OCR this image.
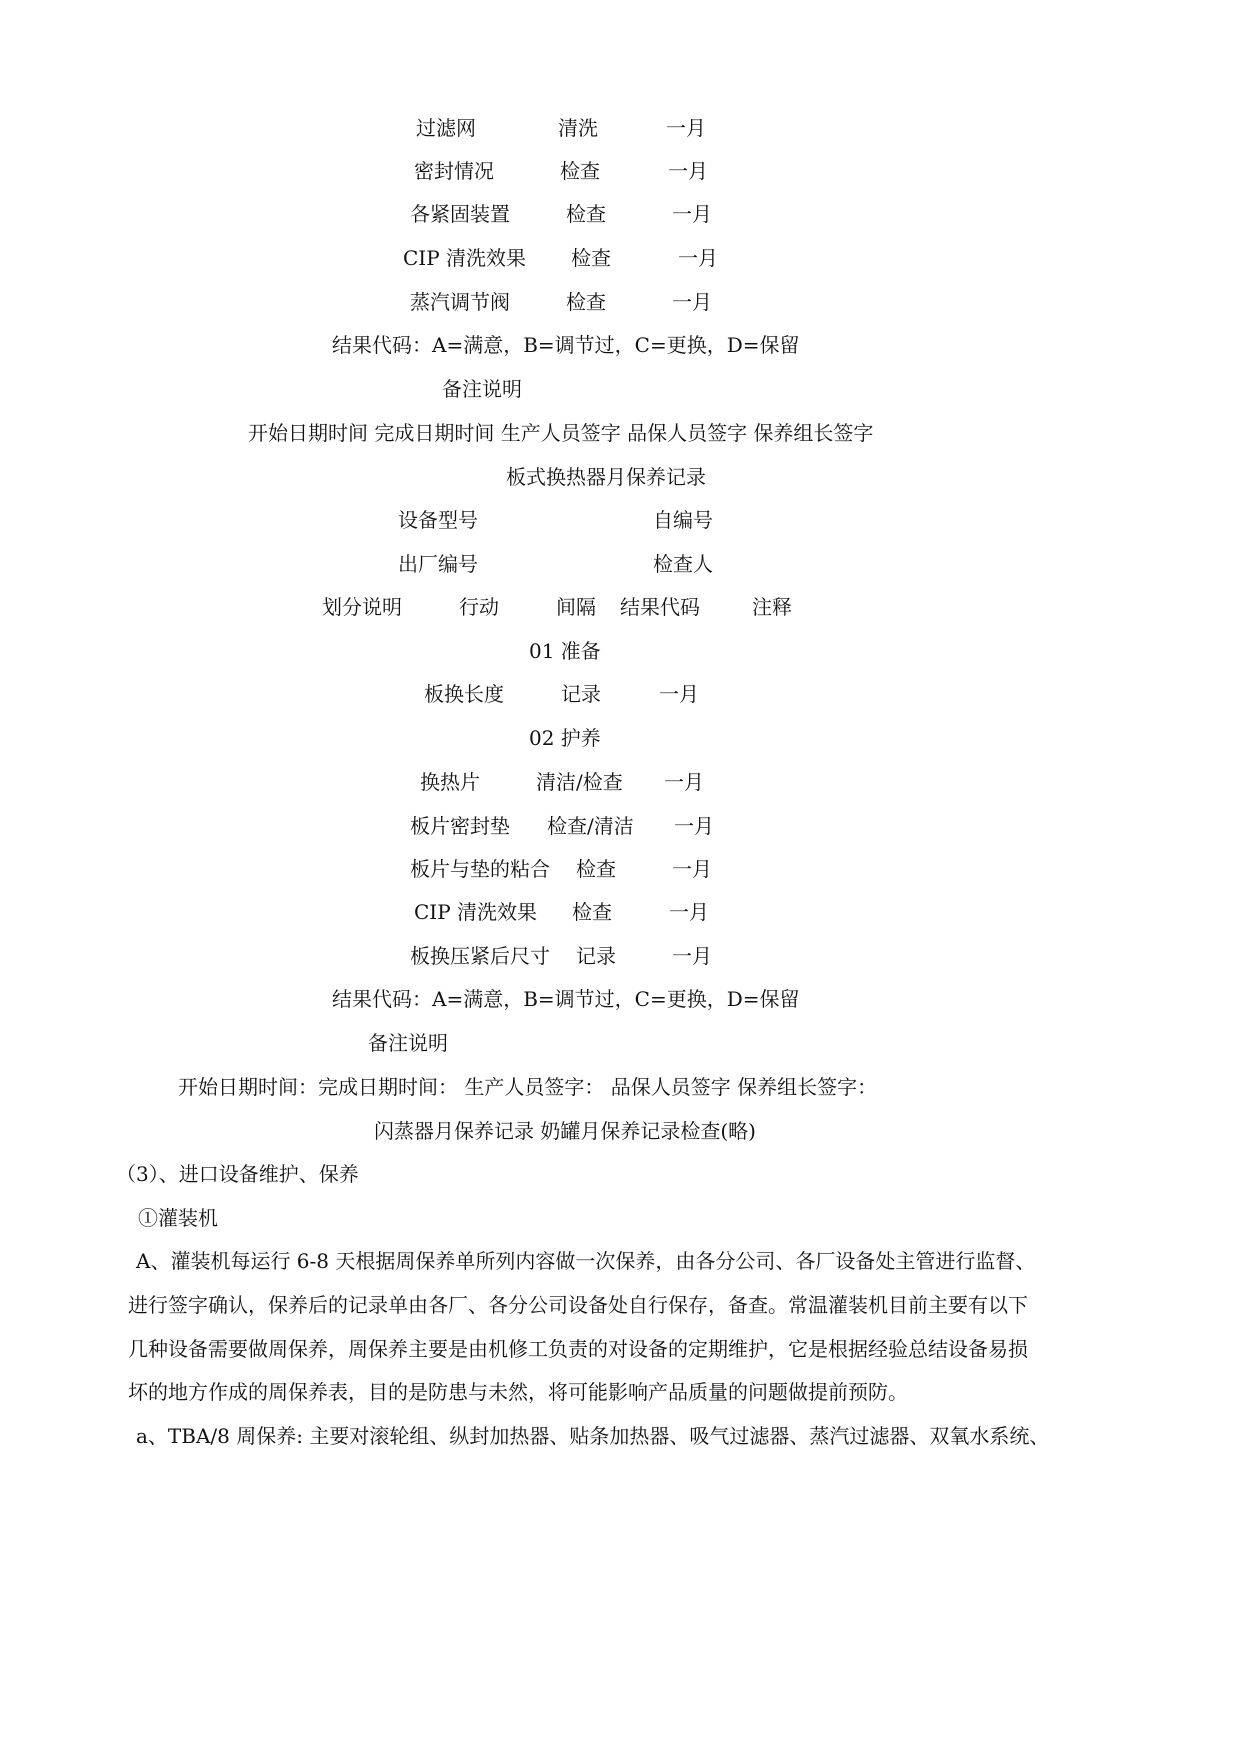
过滤网	清洗	一月
密封情况	检查	一月
各紧固装置	检查	一月
CIP 清洗效果 检查	一月
蒸汽调节阀	检查	一月
结果代码：A=满意，B=调节过，C=更换，D=保留
备注说明
开始日期时间 完成日期时间 生产人员签字 品保人员签字 保养组长签字
板式换热器月保养记录
设备型号	自编号
出厂编号	检查人
划分说明	行动	间隔 结果代码	注释
01 准备
板换长度	记录	一月
02 护养
换热片	清洁/检查 一月
板片密封垫 检查/清洁 一月
板片与垫的粘合 检查	一月
CIP 清洗效果 检查	一月
板换压紧后尺寸 记录	一月
结果代码：A=满意，B=调节过，C=更换，D=保留
备注说明
开始日期时间：完成日期时间： 生产人员签字： 品保人员签字 保养组长签字：
闪蒸器月保养记录 奶罐月保养记录检查(略)
（3）、进口设备维护、保养
①灌装机
A、灌装机每运行 6-8 天根据周保养单所列内容做一次保养，由各分公司、各厂设备处主管进行监督、
进行签字确认，保养后的记录单由各厂、各分公司设备处自行保存，备查。常温灌装机目前主要有以下
几种设备需要做周保养，周保养主要是由机修工负责的对设备的定期维护，它是根据经验总结设备易损
坏的地方作成的周保养表，目的是防患与未然，将可能影响产品质量的问题做提前预防。
a、TBA/8 周保养: 主要对滚轮组、纵封加热器、贴条加热器、吸气过滤器、蒸汽过滤器、双氧水系统、
